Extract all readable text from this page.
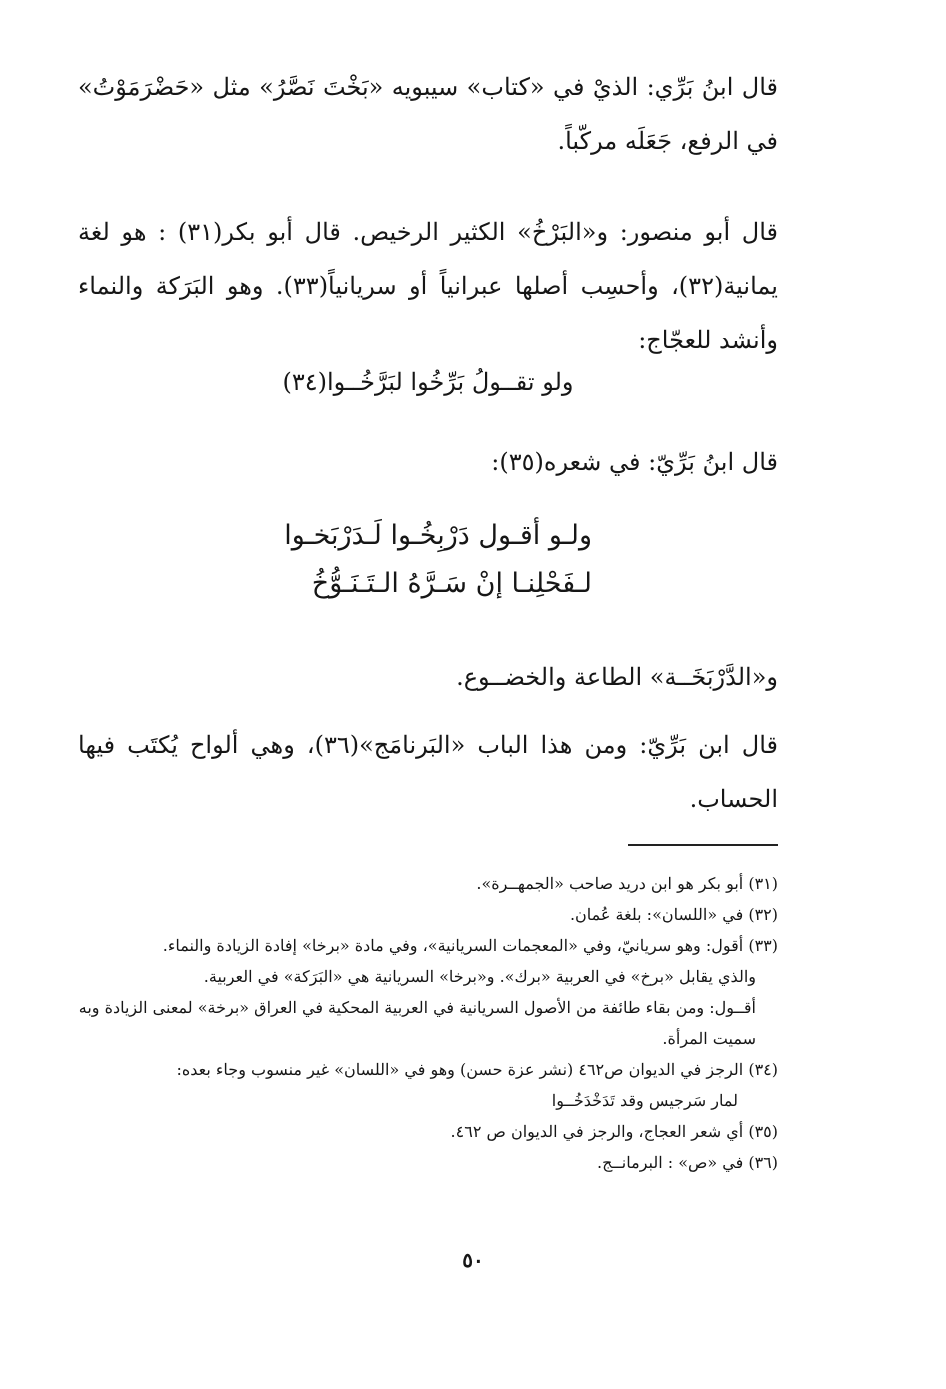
قال ابنُ بَرِّي: الذيْ في «كتاب» سيبويه «بَخْتَ نَصَّرُ» مثل «حَضْرَمَوْتُ» في الرفع، جَعَلَه مركّباً.

قال أبو منصور: و«البَرْخُ» الكثير الرخيص. قال أبو بكر(٣١) : هو لغة يمانية(٣٢)، وأحسِب أصلها عبرانياً أو سريانياً(٣٣). وهو البَرَكة والنماء وأنشد للعجّاج:

ولو تقــولُ بَرِّخُوا لبَرَّخُــوا(٣٤)

قال ابنُ بَرِّيّ: في شعره(٣٥):

ولـو أقـول دَرْبِخُـوا لَـدَرْبَخـوا
لـفَحْلِنـا إنْ سَـرَّهُ الـتَـنَـوُّخُ

و«الدَّرْبَخَــة» الطاعة والخضــوع.

قال ابن بَرِّيّ: ومن هذا الباب «البَرنامَج»(٣٦)، وهي ألواح يُكتَب فيها الحساب.

(٣١) أبو بكر هو ابن دريد صاحب «الجمهــرة».
(٣٢) في «اللسان»: بلغة عُمان.
(٣٣) أقول: وهو سريانيّ، وفي «المعجمات السريانية»، وفي مادة «برخا» إفادة الزيادة والنماء.
والذي يقابل «برخ» في العربية «برك». و«برخا» السريانية هي «البَرَكة» في العربية.
أقــول: ومن بقاء طائفة من الأصول السريانية في العربية المحكية في العراق «برخة» لمعنى الزيادة وبه سميت المرأة.
(٣٤) الرجز في الديوان ص٤٦٢ (نشر عزة حسن) وهو في «اللسان» غير منسوب وجاء بعده:
لمار سَرجيس وقد تَدَخْدَخُــوا
(٣٥) أي شعر العجاج، والرجز في الديوان ص ٤٦٢.
(٣٦) في «ص» : البرمانــج.
٥٠
